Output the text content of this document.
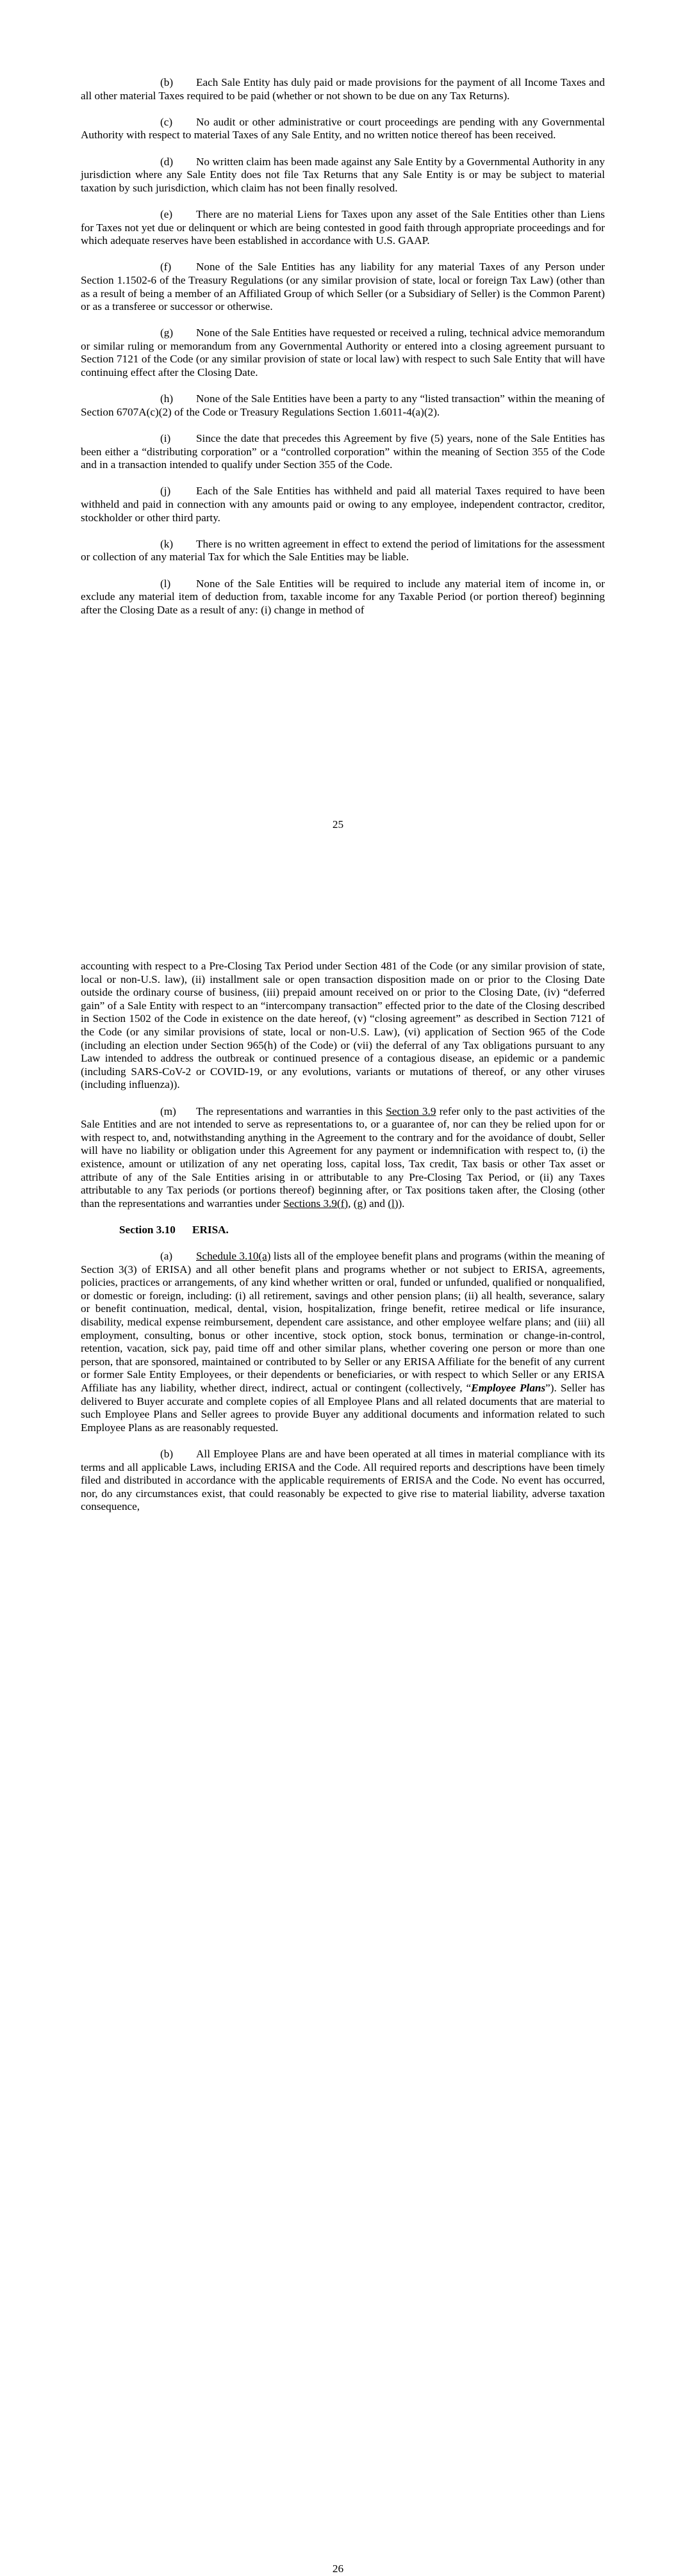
(b) Each Sale Entity has duly paid or made provisions for the payment of all Income Taxes and all other material Taxes required to be paid (whether or not shown to be due on any Tax Returns).

(c) No audit or other administrative or court proceedings are pending with any Governmental Authority with respect to material Taxes of any Sale Entity, and no written notice thereof has been received.

(d) No written claim has been made against any Sale Entity by a Governmental Authority in any jurisdiction where any Sale Entity does not file Tax Returns that any Sale Entity is or may be subject to material taxation by such jurisdiction, which claim has not been finally resolved.

(e) There are no material Liens for Taxes upon any asset of the Sale Entities other than Liens for Taxes not yet due or delinquent or which are being contested in good faith through appropriate proceedings and for which adequate reserves have been established in accordance with U.S. GAAP.

(f) None of the Sale Entities has any liability for any material Taxes of any Person under Section 1.1502-6 of the Treasury Regulations (or any similar provision of state, local or foreign Tax Law) (other than as a result of being a member of an Affiliated Group of which Seller (or a Subsidiary of Seller) is the Common Parent) or as a transferee or successor or otherwise.

(g) None of the Sale Entities have requested or received a ruling, technical advice memorandum or similar ruling or memorandum from any Governmental Authority or entered into a closing agreement pursuant to Section 7121 of the Code (or any similar provision of state or local law) with respect to such Sale Entity that will have continuing effect after the Closing Date.

(h) None of the Sale Entities have been a party to any “listed transaction” within the meaning of Section 6707A(c)(2) of the Code or Treasury Regulations Section 1.6011-4(a)(2).

(i) Since the date that precedes this Agreement by five (5) years, none of the Sale Entities has been either a “distributing corporation” or a “controlled corporation” within the meaning of Section 355 of the Code and in a transaction intended to qualify under Section 355 of the Code.

(j) Each of the Sale Entities has withheld and paid all material Taxes required to have been withheld and paid in connection with any amounts paid or owing to any employee, independent contractor, creditor, stockholder or other third party.

(k) There is no written agreement in effect to extend the period of limitations for the assessment or collection of any material Tax for which the Sale Entities may be liable.

(l) None of the Sale Entities will be required to include any material item of income in, or exclude any material item of deduction from, taxable income for any Taxable Period (or portion thereof) beginning after the Closing Date as a result of any: (i) change in method of

25

accounting with respect to a Pre-Closing Tax Period under Section 481 of the Code (or any similar provision of state, local or non-U.S. law), (ii) installment sale or open transaction disposition made on or prior to the Closing Date outside the ordinary course of business, (iii) prepaid amount received on or prior to the Closing Date, (iv) “deferred gain” of a Sale Entity with respect to an “intercompany transaction” effected prior to the date of the Closing described in Section 1502 of the Code in existence on the date hereof, (v) “closing agreement” as described in Section 7121 of the Code (or any similar provisions of state, local or non-U.S. Law), (vi) application of Section 965 of the Code (including an election under Section 965(h) of the Code) or (vii) the deferral of any Tax obligations pursuant to any Law intended to address the outbreak or continued presence of a contagious disease, an epidemic or a pandemic (including SARS-CoV-2 or COVID-19, or any evolutions, variants or mutations of thereof, or any other viruses (including influenza)).

(m) The representations and warranties in this Section 3.9 refer only to the past activities of the Sale Entities and are not intended to serve as representations to, or a guarantee of, nor can they be relied upon for or with respect to, and, notwithstanding anything in the Agreement to the contrary and for the avoidance of doubt, Seller will have no liability or obligation under this Agreement for any payment or indemnification with respect to, (i) the existence, amount or utilization of any net operating loss, capital loss, Tax credit, Tax basis or other Tax asset or attribute of any of the Sale Entities arising in or attributable to any Pre-Closing Tax Period, or (ii) any Taxes attributable to any Tax periods (or portions thereof) beginning after, or Tax positions taken after, the Closing (other than the representations and warranties under Sections 3.9(f), (g) and (l)).

Section 3.10 ERISA.

(a) Schedule 3.10(a) lists all of the employee benefit plans and programs (within the meaning of Section 3(3) of ERISA) and all other benefit plans and programs whether or not subject to ERISA, agreements, policies, practices or arrangements, of any kind whether written or oral, funded or unfunded, qualified or nonqualified, or domestic or foreign, including: (i) all retirement, savings and other pension plans; (ii) all health, severance, salary or benefit continuation, medical, dental, vision, hospitalization, fringe benefit, retiree medical or life insurance, disability, medical expense reimbursement, dependent care assistance, and other employee welfare plans; and (iii) all employment, consulting, bonus or other incentive, stock option, stock bonus, termination or change-in-control, retention, vacation, sick pay, paid time off and other similar plans, whether covering one person or more than one person, that are sponsored, maintained or contributed to by Seller or any ERISA Affiliate for the benefit of any current or former Sale Entity Employees, or their dependents or beneficiaries, or with respect to which Seller or any ERISA Affiliate has any liability, whether direct, indirect, actual or contingent (collectively, “Employee Plans”). Seller has delivered to Buyer accurate and complete copies of all Employee Plans and all related documents that are material to such Employee Plans and Seller agrees to provide Buyer any additional documents and information related to such Employee Plans as are reasonably requested.

(b) All Employee Plans are and have been operated at all times in material compliance with its terms and all applicable Laws, including ERISA and the Code. All required reports and descriptions have been timely filed and distributed in accordance with the applicable requirements of ERISA and the Code. No event has occurred, nor, do any circumstances exist, that could reasonably be expected to give rise to material liability, adverse taxation consequence,

26
